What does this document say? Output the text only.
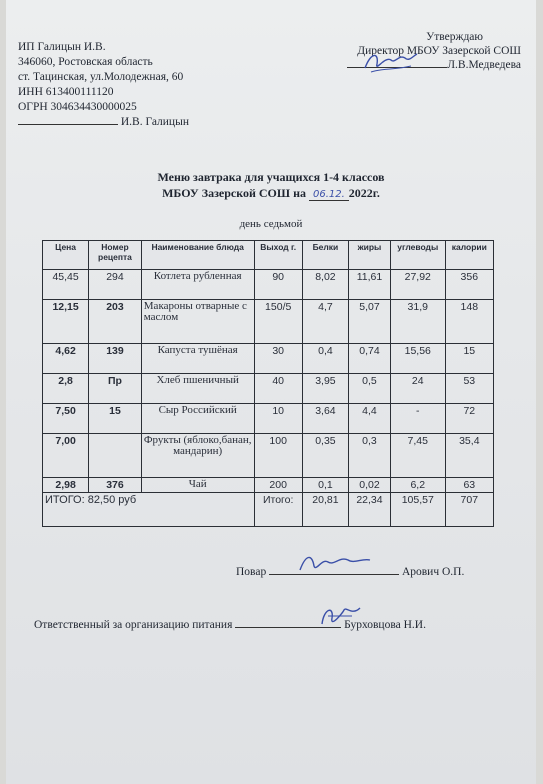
ИП Галицын И.В.
346060, Ростовская область
ст. Тацинская, ул.Молодежная, 60
ИНН 613400111120
ОГРН 304634430000025
И.В. Галицын
Утверждаю
Директор МБОУ Зазерской СОШ
Л.В.Медведева
Меню завтрака для учащихся 1-4 классов
МБОУ Зазерской СОШ на 06.12. 2022г.
день седьмой
Цена	Номер рецепта	Наименование блюда	Выход г.	Белки	жиры	углеводы	калории
45,45	294	Котлета рубленная	90	8,02	11,61	27,92	356
12,15	203	Макароны отварные с маслом	150/5	4,7	5,07	31,9	148
4,62	139	Капуста тушёная	30	0,4	0,74	15,56	15
2,8	Пр	Хлеб пшеничный	40	3,95	0,5	24	53
7,50	15	Сыр Российский	10	3,64	4,4	-	72
7,00		Фрукты (яблоко,банан, мандарин)	100	0,35	0,3	7,45	35,4
2,98	376	Чай	200	0,1	0,02	6,2	63
ИТОГО: 82,50 руб			Итого:	20,81	22,34	105,57	707
Повар	Арович О.П.
Ответственный за организацию питания	Бурховцова Н.И.
